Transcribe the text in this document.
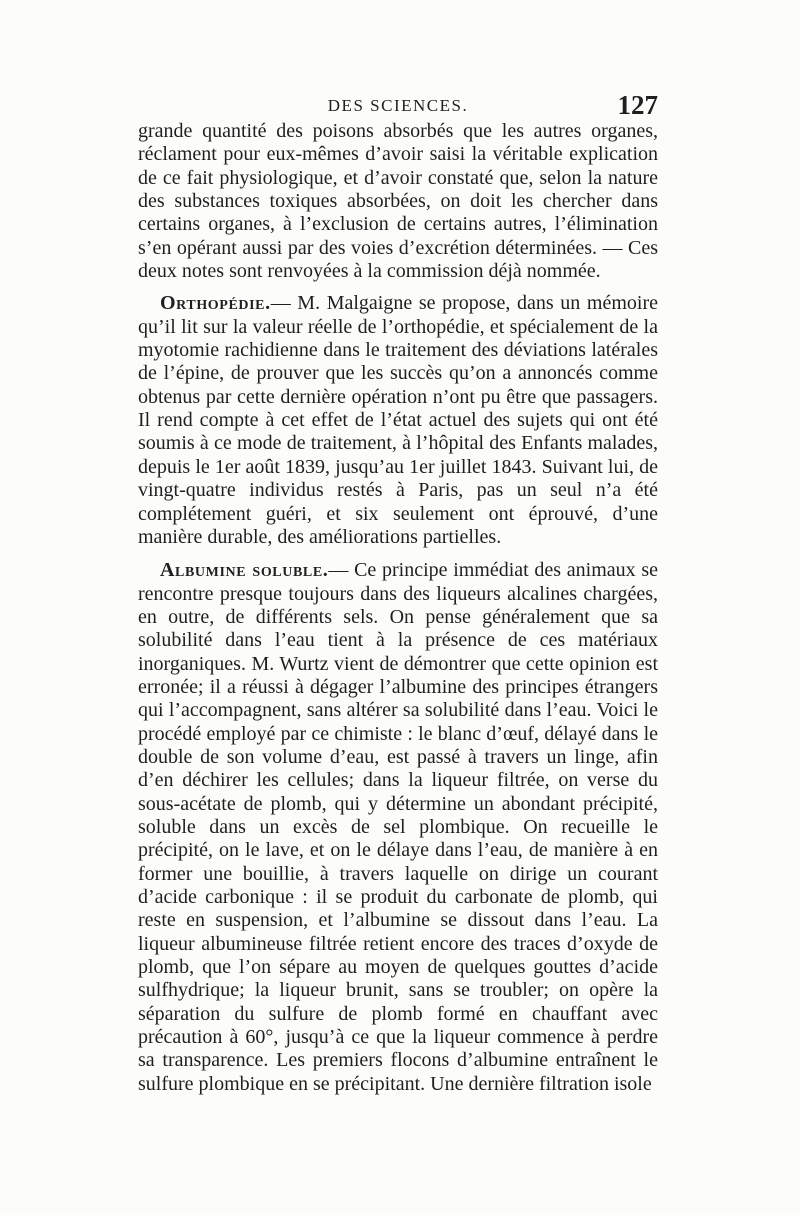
DES SCIENCES.	127

grande quantité des poisons absorbés que les autres organes, réclament pour eux-mêmes d’avoir saisi la véritable explication de ce fait physiologique, et d’avoir constaté que, selon la nature des substances toxiques absorbées, on doit les chercher dans certains organes, à l’exclusion de certains autres, l’élimination s’en opérant aussi par des voies d’excrétion déterminées. — Ces deux notes sont renvoyées à la commission déjà nommée.

Orthopédie.— M. Malgaigne se propose, dans un mémoire qu’il lit sur la valeur réelle de l’orthopédie, et spécialement de la myotomie rachidienne dans le traitement des déviations latérales de l’épine, de prouver que les succès qu’on a annoncés comme obtenus par cette dernière opération n’ont pu être que passagers. Il rend compte à cet effet de l’état actuel des sujets qui ont été soumis à ce mode de traitement, à l’hôpital des Enfants malades, depuis le 1er août 1839, jusqu’au 1er juillet 1843. Suivant lui, de vingt-quatre individus restés à Paris, pas un seul n’a été complétement guéri, et six seulement ont éprouvé, d’une manière durable, des améliorations partielles.

Albumine soluble.— Ce principe immédiat des animaux se rencontre presque toujours dans des liqueurs alcalines chargées, en outre, de différents sels. On pense généralement que sa solubilité dans l’eau tient à la présence de ces matériaux inorganiques. M. Wurtz vient de démontrer que cette opinion est erronée; il a réussi à dégager l’albumine des principes étrangers qui l’accompagnent, sans altérer sa solubilité dans l’eau. Voici le procédé employé par ce chimiste : le blanc d’œuf, délayé dans le double de son volume d’eau, est passé à travers un linge, afin d’en déchirer les cellules; dans la liqueur filtrée, on verse du sous-acétate de plomb, qui y détermine un abondant précipité, soluble dans un excès de sel plombique. On recueille le précipité, on le lave, et on le délaye dans l’eau, de manière à en former une bouillie, à travers laquelle on dirige un courant d’acide carbonique : il se produit du carbonate de plomb, qui reste en suspension, et l’albumine se dissout dans l’eau. La liqueur albumineuse filtrée retient encore des traces d’oxyde de plomb, que l’on sépare au moyen de quelques gouttes d’acide sulfhydrique; la liqueur brunit, sans se troubler; on opère la séparation du sulfure de plomb formé en chauffant avec précaution à 60°, jusqu’à ce que la liqueur commence à perdre sa transparence. Les premiers flocons d’albumine entraînent le sulfure plombique en se précipitant. Une dernière filtration isole
